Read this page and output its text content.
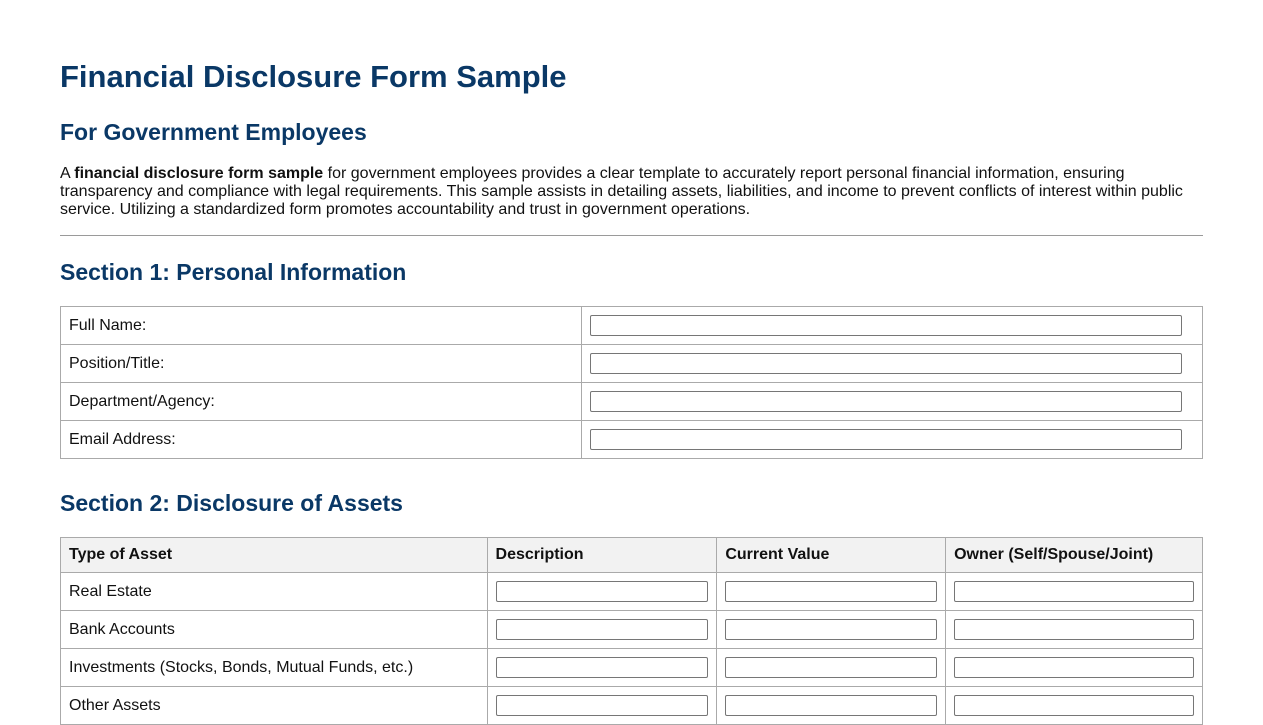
Financial Disclosure Form Sample
For Government Employees

A financial disclosure form sample for government employees provides a clear template to accurately report personal financial information, ensuring transparency and compliance with legal requirements. This sample assists in detailing assets, liabilities, and income to prevent conflicts of interest within public service. Utilizing a standardized form promotes accountability and trust in government operations.

Section 1: Personal Information
Full Name:	

Position/Title:	

Department/Agency:	

Email Address:	
Section 2: Disclosure of Assets
Type of Asset	Description	Current Value	Owner (Self/Spouse/Joint)
Real Estate	

Bank Accounts	

Investments (Stocks, Bonds, Mutual Funds, etc.)	

Other Assets	
